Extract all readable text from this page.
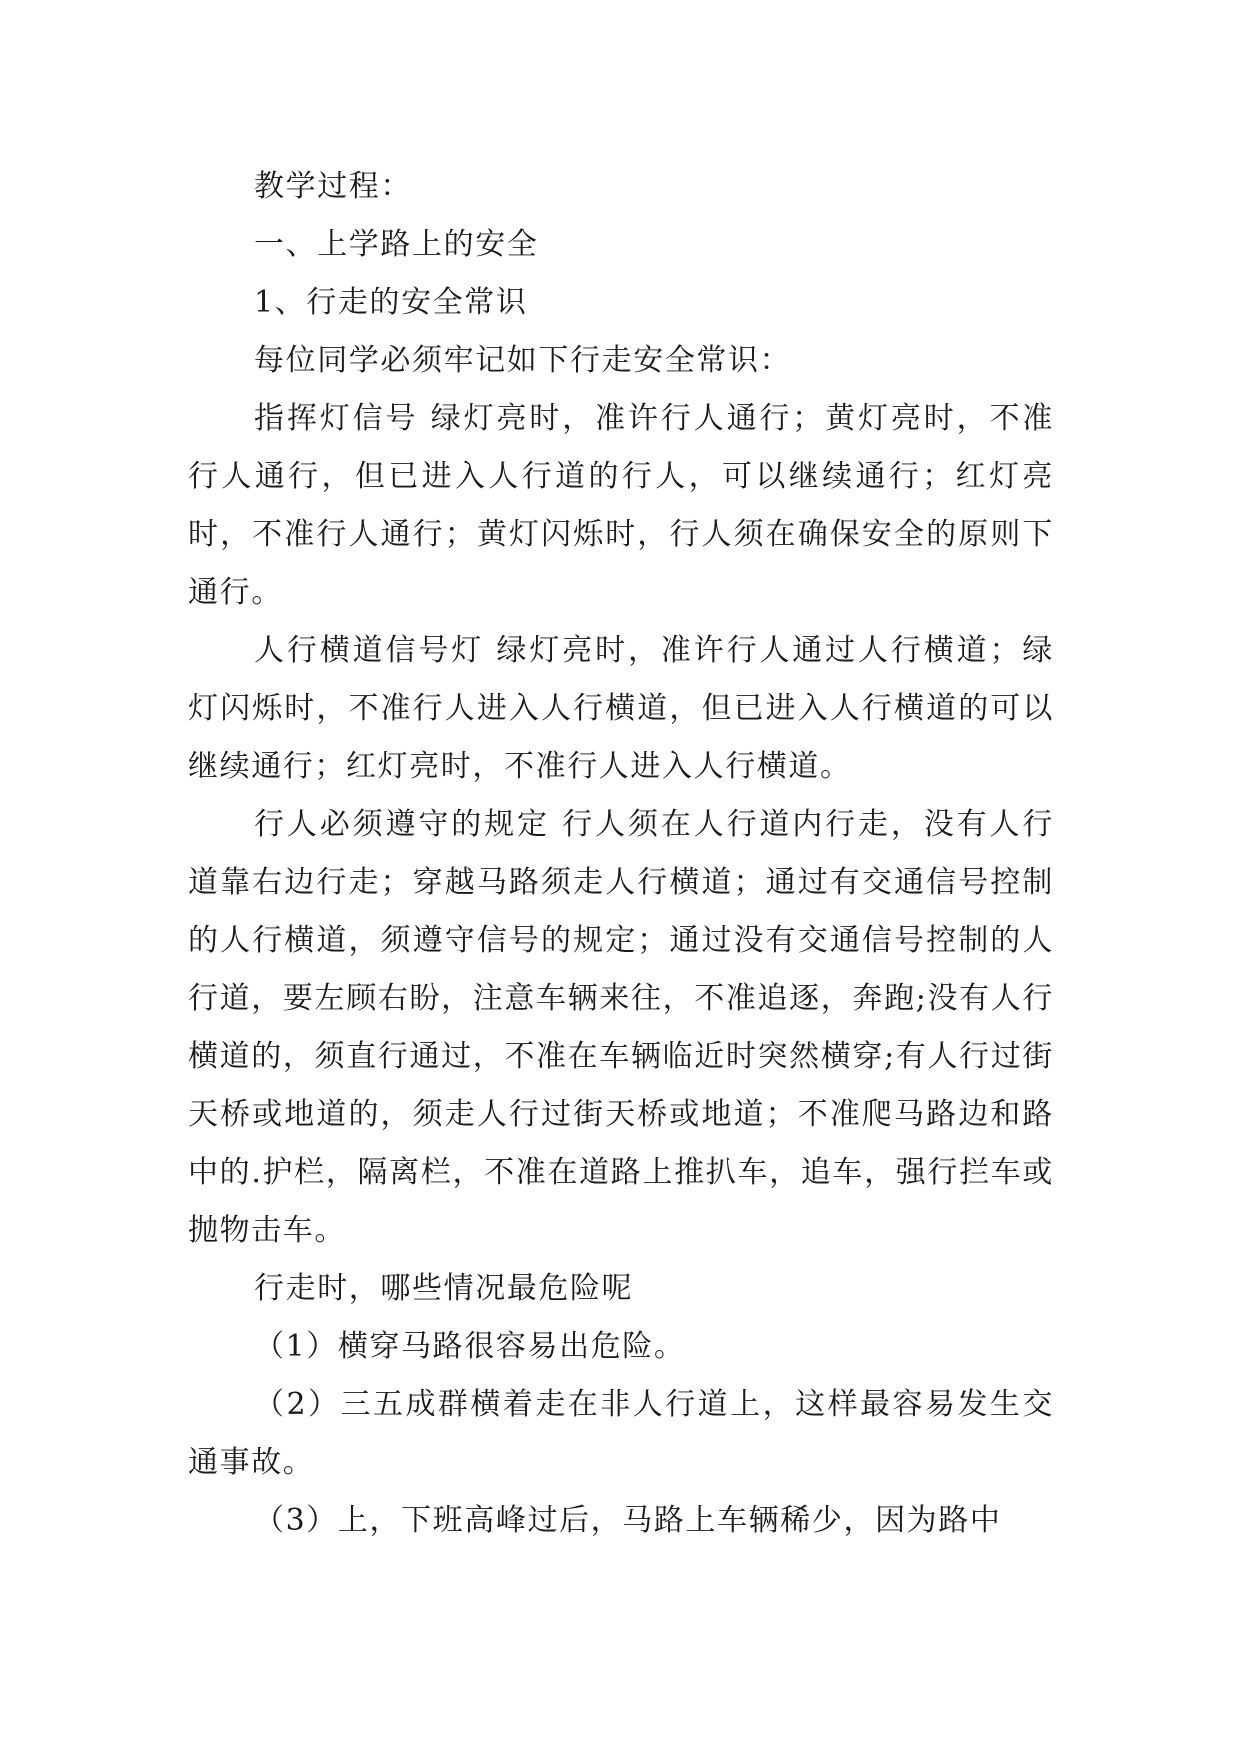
教学过程：

一、上学路上的安全

1、行走的安全常识

每位同学必须牢记如下行走安全常识：

指挥灯信号 绿灯亮时，准许行人通行；黄灯亮时，不准行人通行，但已进入人行道的行人，可以继续通行；红灯亮时，不准行人通行；黄灯闪烁时，行人须在确保安全的原则下通行。

人行横道信号灯 绿灯亮时，准许行人通过人行横道；绿灯闪烁时，不准行人进入人行横道，但已进入人行横道的可以继续通行；红灯亮时，不准行人进入人行横道。

行人必须遵守的规定 行人须在人行道内行走，没有人行道靠右边行走；穿越马路须走人行横道；通过有交通信号控制的人行横道，须遵守信号的规定；通过没有交通信号控制的人行道，要左顾右盼，注意车辆来往，不准追逐，奔跑;没有人行横道的，须直行通过，不准在车辆临近时突然横穿;有人行过街天桥或地道的，须走人行过街天桥或地道；不准爬马路边和路中的.护栏，隔离栏，不准在道路上推扒车，追车，强行拦车或抛物击车。

行走时，哪些情况最危险呢

（1）横穿马路很容易出危险。

（2）三五成群横着走在非人行道上，这样最容易发生交通事故。

（3）上，下班高峰过后，马路上车辆稀少，因为路中
